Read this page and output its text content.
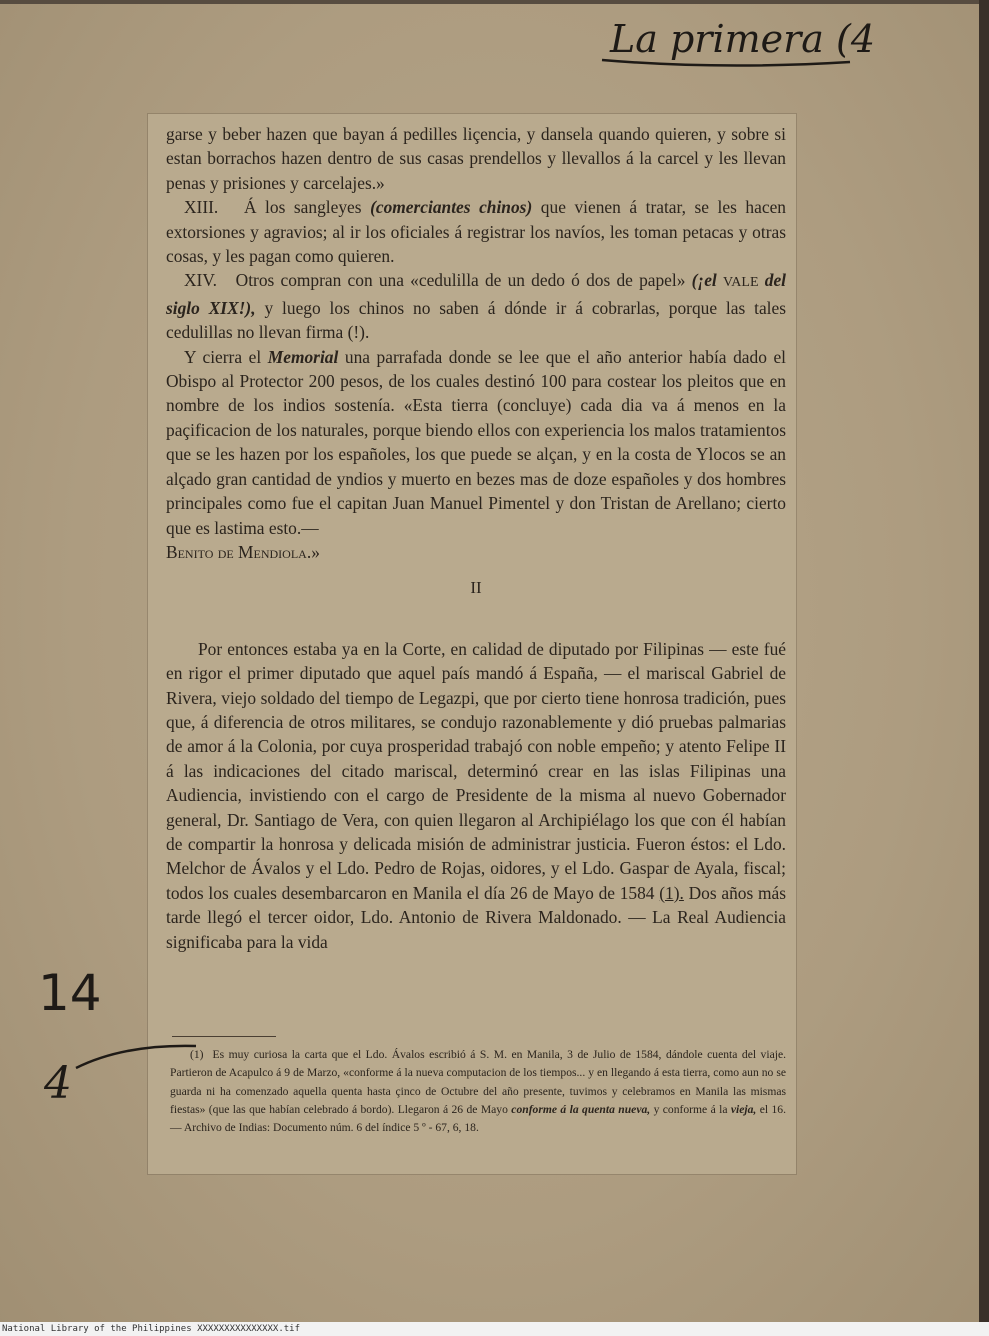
La primera (4

garse y beber hazen que bayan á pedilles liçencia, y dansela quando quieren, y sobre si estan borrachos hazen dentro de sus casas prendellos y llevallos á la carcel y les llevan penas y prisiones y carcelajes.»

XIII. Á los sangleyes (comerciantes chinos) que vienen á tratar, se les hacen extorsiones y agravios; al ir los oficiales á registrar los navíos, les toman petacas y otras cosas, y les pagan como quieren.

XIV. Otros compran con una «cedulilla de un dedo ó dos de papel» (¡el VALE del siglo XIX!), y luego los chinos no saben á dónde ir á cobrarlas, porque las tales cedulillas no llevan firma (!).

Y cierra el Memorial una parrafada donde se lee que el año anterior había dado el Obispo al Protector 200 pesos, de los cuales destinó 100 para costear los pleitos que en nombre de los indios sostenía. «Esta tierra (concluye) cada dia va á menos en la paçificacion de los naturales, porque biendo ellos con experiencia los malos tratamientos que se les hazen por los españoles, los que puede se alçan, y en la costa de Ylocos se an alçado gran cantidad de yndios y muerto en bezes mas de doze españoles y dos hombres principales como fue el capitan Juan Manuel Pimentel y don Tristan de Arellano; cierto que es lastima esto.—
Benito de Mendiola.»

II

Por entonces estaba ya en la Corte, en calidad de diputado por Filipinas — este fué en rigor el primer diputado que aquel país mandó á España, — el mariscal Gabriel de Rivera, viejo soldado del tiempo de Legazpi, que por cierto tiene honrosa tradición, pues que, á diferencia de otros militares, se condujo razonablemente y dió pruebas palmarias de amor á la Colonia, por cuya prosperidad trabajó con noble empeño; y atento Felipe II á las indicaciones del citado mariscal, determinó crear en las islas Filipinas una Audiencia, invistiendo con el cargo de Presidente de la misma al nuevo Gobernador general, Dr. Santiago de Vera, con quien llegaron al Archipiélago los que con él habían de compartir la honrosa y delicada misión de administrar justicia. Fueron éstos: el Ldo. Melchor de Ávalos y el Ldo. Pedro de Rojas, oidores, y el Ldo. Gaspar de Ayala, fiscal; todos los cuales desembarcaron en Manila el día 26 de Mayo de 1584 (1). Dos años más tarde llegó el tercer oidor, Ldo. Antonio de Rivera Maldonado. — La Real Audiencia significaba para la vida

(1) Es muy curiosa la carta que el Ldo. Ávalos escribió á S. M. en Manila, 3 de Julio de 1584, dándole cuenta del viaje. Partieron de Acapulco á 9 de Marzo, «conforme á la nueva computacion de los tiempos... y en llegando á esta tierra, como aun no se guarda ni ha comenzado aquella quenta hasta çinco de Octubre del año presente, tuvimos y celebramos en Manila las mismas fiestas» (que las que habían celebrado á bordo). Llegaron á 26 de Mayo conforme á la quenta nueva, y conforme á la vieja, el 16. — Archivo de Indias: Documento núm. 6 del índice 5 º - 67, 6, 18.

14
4
National Library of the Philippines XXXXXXXXXXXXXXX.tif
